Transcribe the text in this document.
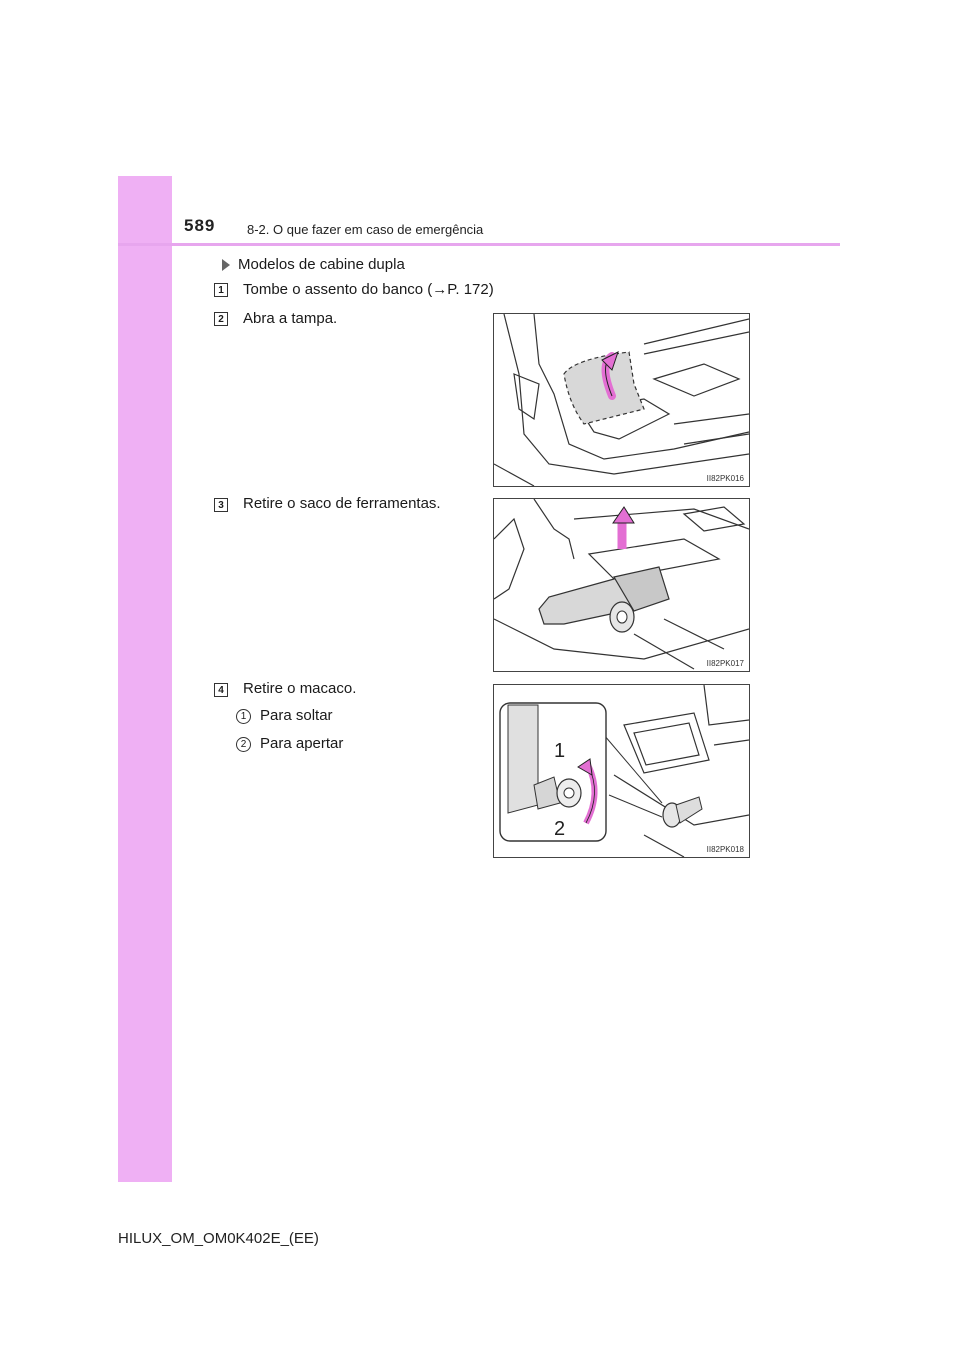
589 8-2. O que fazer em caso de emergência
Modelos de cabine dupla
1 Tombe o assento do banco (→P. 172)
2 Abra a tampa.
3 Retire o saco de ferramentas.
4 Retire o macaco.
1 Para soltar
2 Para apertar
II82PK016
II82PK017
1
2
II82PK018
HILUX_OM_OM0K402E_(EE)
